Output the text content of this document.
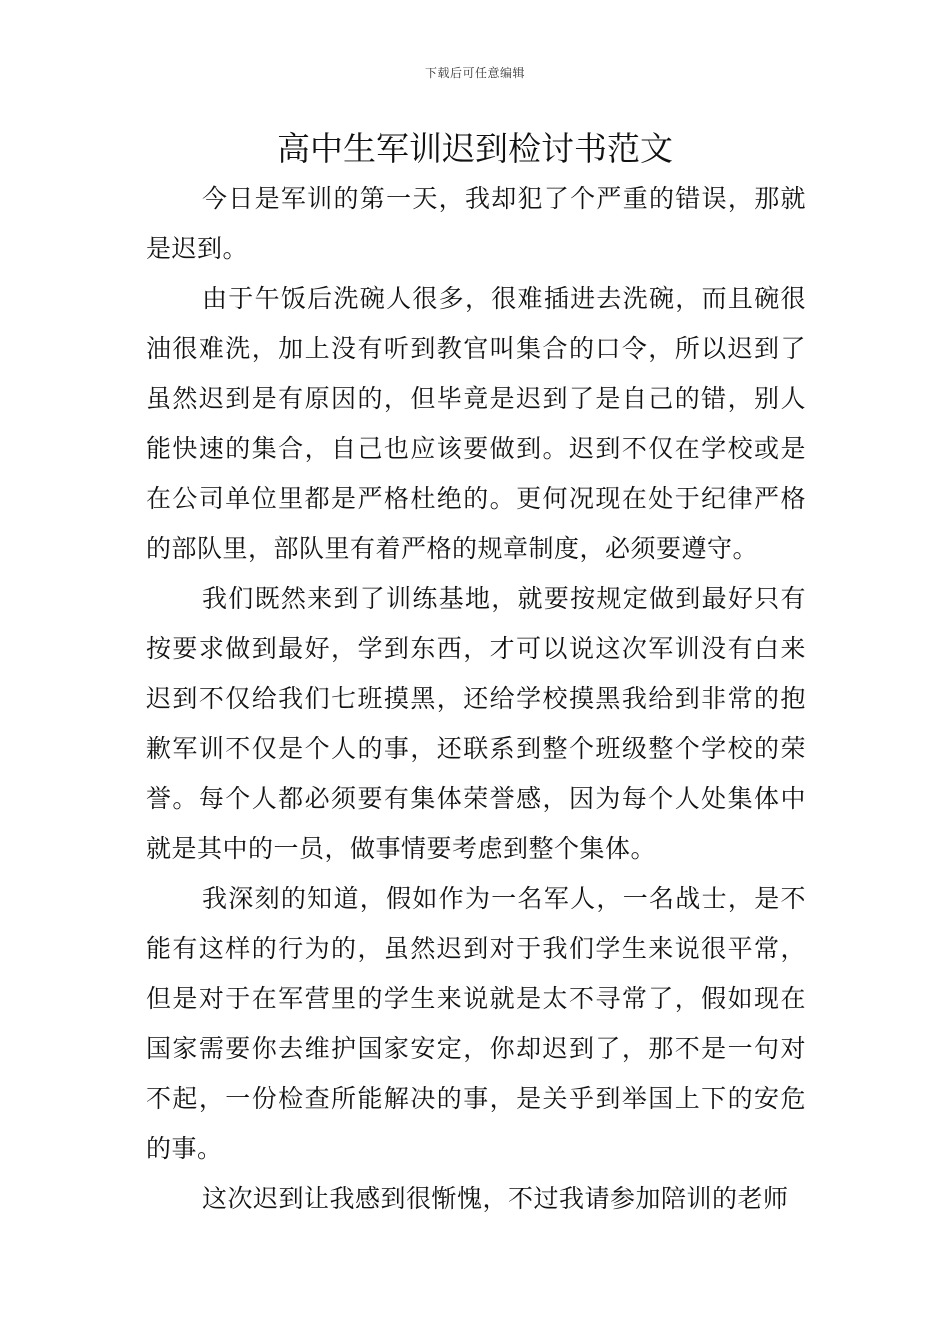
下载后可任意编辑
高中生军训迟到检讨书范文

今日是军训的第一天，我却犯了个严重的错误，那就是迟到。

由于午饭后洗碗人很多，很难插进去洗碗，而且碗很油很难洗，加上没有听到教官叫集合的口令，所以迟到了虽然迟到是有原因的，但毕竟是迟到了是自己的错，别人能快速的集合，自己也应该要做到。迟到不仅在学校或是在公司单位里都是严格杜绝的。更何况现在处于纪律严格的部队里，部队里有着严格的规章制度，必须要遵守。

我们既然来到了训练基地，就要按规定做到最好只有按要求做到最好，学到东西，才可以说这次军训没有白来迟到不仅给我们七班摸黑，还给学校摸黑我给到非常的抱歉军训不仅是个人的事，还联系到整个班级整个学校的荣誉。每个人都必须要有集体荣誉感，因为每个人处集体中就是其中的一员，做事情要考虑到整个集体。

我深刻的知道，假如作为一名军人，一名战士，是不能有这样的行为的，虽然迟到对于我们学生来说很平常，但是对于在军营里的学生来说就是太不寻常了，假如现在国家需要你去维护国家安定，你却迟到了，那不是一句对不起，一份检查所能解决的事，是关乎到举国上下的安危的事。

这次迟到让我感到很惭愧，不过我请参加陪训的老师
